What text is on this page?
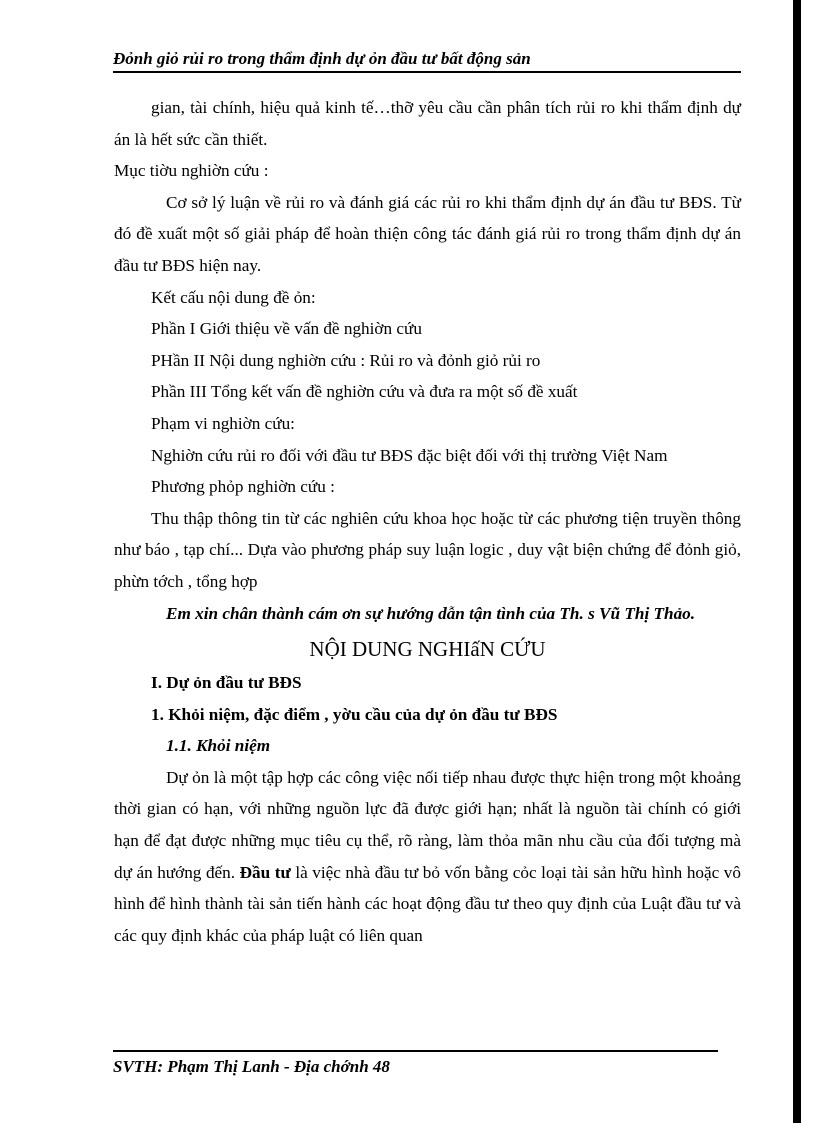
Đỏnh giỏ rủi ro trong thẩm định dự ỏn đầu tư bất động sản

gian, tài chính, hiệu quả kinh tế…thỡ yêu cầu cần phân tích rủi ro khi thẩm định dự án là hết sức cần thiết.

Mục tiờu nghiờn cứu :

Cơ sở lý luận về rủi ro và đánh giá các rủi ro khi thẩm định dự án đầu tư BĐS. Từ đó đề xuất một số giải pháp để hoàn thiện công tác đánh giá rủi ro trong thẩm định dự án đầu tư BĐS hiện nay.

Kết cấu nội dung đề ỏn:

Phần I Giới thiệu về vấn đề nghiờn cứu

PHần II Nội dung nghiờn cứu : Rủi ro và đỏnh giỏ rủi ro

Phần III Tổng kết vấn đề nghiờn cứu và đưa ra một số đề xuất

Phạm vi nghiờn cứu:

Nghiờn cứu rủi ro đối với đầu tư BĐS đặc biệt đối với thị trường Việt Nam

Phương phỏp nghiờn cứu :

Thu thập thông tin từ các nghiên cứu khoa học hoặc từ các phương tiện truyền thông như báo , tạp chí... Dựa vào phương pháp suy luận logic , duy vật biện chứng để đỏnh giỏ, phừn tớch , tổng hợp

Em xin chân thành cám ơn sự hướng dẫn tận tình của Th. s Vũ Thị Thảo.

NỘI DUNG NGHIấN CỨU

I. Dự ỏn đầu tư BĐS

1. Khỏi niệm, đặc điểm , yờu cầu của dự ỏn đầu tư BĐS

1.1. Khỏi niệm

Dự ỏn là một tập hợp các công việc nối tiếp nhau được thực hiện trong một khoảng thời gian có hạn, với những nguồn lực đã được giới hạn; nhất là nguồn tài chính có giới hạn để đạt được những mục tiêu cụ thể, rõ ràng, làm thỏa mãn nhu cầu của đối tượng mà dự án hướng đến. Đầu tư là việc nhà đầu tư bỏ vốn bằng cỏc loại tài sản hữu hình hoặc vô hình để hình thành tài sản tiến hành các hoạt động đầu tư theo quy định của Luật đầu tư và các quy định khác của pháp luật có liên quan

SVTH: Phạm Thị Lanh - Địa chớnh 48
